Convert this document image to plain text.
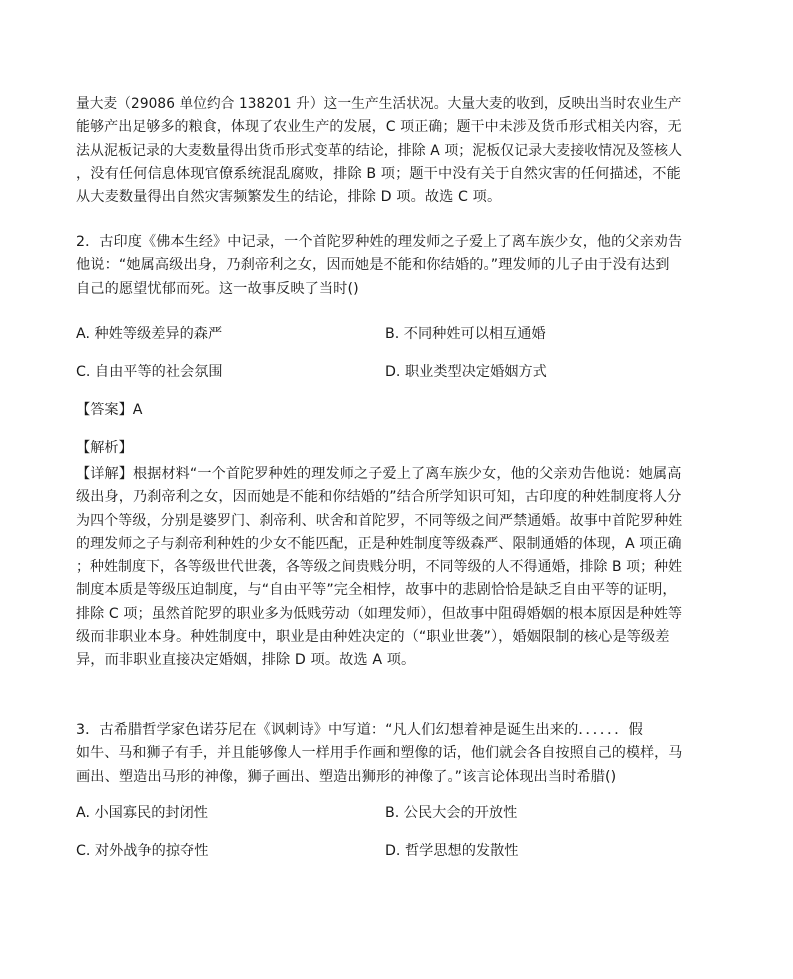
量大麦（29086 单位约合 138201 升）这一生产生活状况。大量大麦的收到，反映出当时农业生产
能够产出足够多的粮食，体现了农业生产的发展，C 项正确；题干中未涉及货币形式相关内容，无
法从泥板记录的大麦数量得出货币形式变革的结论，排除 A 项；泥板仅记录大麦接收情况及签核人
，没有任何信息体现官僚系统混乱腐败，排除 B 项；题干中没有关于自然灾害的任何描述，不能
从大麦数量得出自然灾害频繁发生的结论，排除 D 项。故选 C 项。
2．古印度《佛本生经》中记录，一个首陀罗种姓的理发师之子爱上了离车族少女，他的父亲劝告
他说：“她属高级出身，乃刹帝利之女，因而她是不能和你结婚的。”理发师的儿子由于没有达到
自己的愿望忧郁而死。这一故事反映了当时()
A. 种姓等级差异的森严	B. 不同种姓可以相互通婚
C. 自由平等的社会氛围	D. 职业类型决定婚姻方式
【答案】A
【解析】
【详解】根据材料“一个首陀罗种姓的理发师之子爱上了离车族少女，他的父亲劝告他说：她属高
级出身，乃刹帝利之女，因而她是不能和你结婚的”结合所学知识可知，古印度的种姓制度将人分
为四个等级，分别是婆罗门、刹帝利、吠舍和首陀罗，不同等级之间严禁通婚。故事中首陀罗种姓
的理发师之子与刹帝利种姓的少女不能匹配，正是种姓制度等级森严、限制通婚的体现，A 项正确
；种姓制度下，各等级世代世袭，各等级之间贵贱分明，不同等级的人不得通婚，排除 B 项；种姓
制度本质是等级压迫制度，与“自由平等”完全相悖，故事中的悲剧恰恰是缺乏自由平等的证明，
排除 C 项；虽然首陀罗的职业多为低贱劳动（如理发师），但故事中阻碍婚姻的根本原因是种姓等
级而非职业本身。种姓制度中，职业是由种姓决定的（“职业世袭”），婚姻限制的核心是等级差
异，而非职业直接决定婚姻，排除 D 项。故选 A 项。
3．古希腊哲学家色诺芬尼在《讽刺诗》中写道：“凡人们幻想着神是诞生出来的．．．．．．假
如牛、马和狮子有手，并且能够像人一样用手作画和塑像的话，他们就会各自按照自己的模样，马
画出、塑造出马形的神像，狮子画出、塑造出狮形的神像了。”该言论体现出当时希腊()
A. 小国寡民的封闭性	B. 公民大会的开放性
C. 对外战争的掠夺性	D. 哲学思想的发散性
